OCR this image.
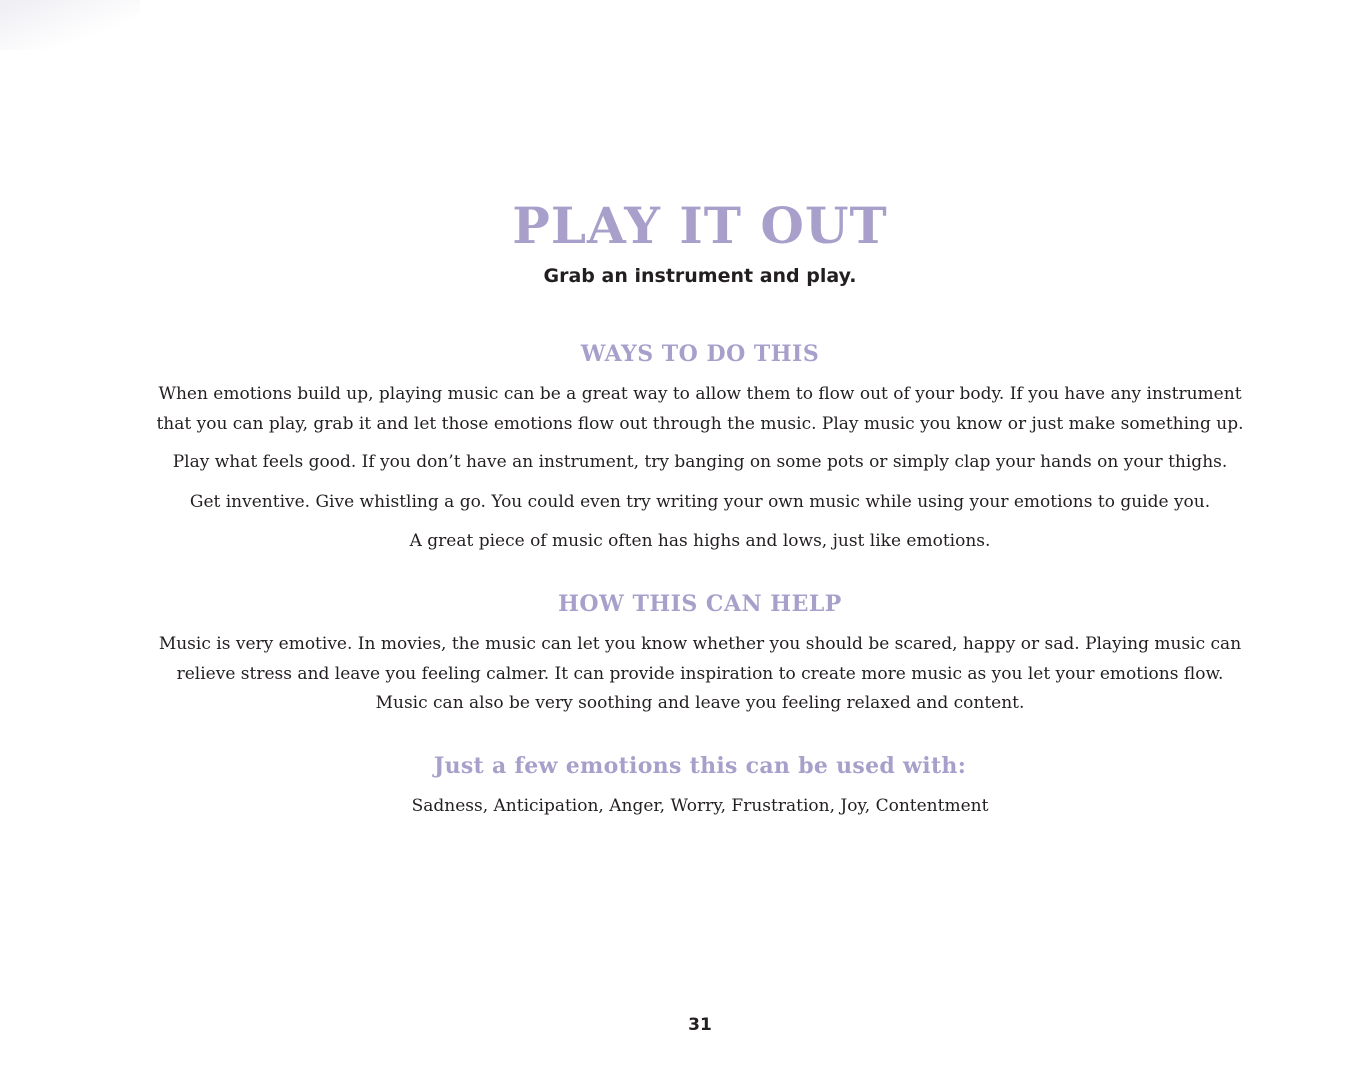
PLAY IT OUT
Grab an instrument and play.
WAYS TO DO THIS

When emotions build up, playing music can be a great way to allow them to flow out of your body. If you have any instrument that you can play, grab it and let those emotions flow out through the music. Play music you know or just make something up.

Play what feels good. If you don’t have an instrument, try banging on some pots or simply clap your hands on your thighs.

Get inventive. Give whistling a go. You could even try writing your own music while using your emotions to guide you.

A great piece of music often has highs and lows, just like emotions.

HOW THIS CAN HELP

Music is very emotive. In movies, the music can let you know whether you should be scared, happy or sad. Playing music can relieve stress and leave you feeling calmer. It can provide inspiration to create more music as you let your emotions flow. Music can also be very soothing and leave you feeling relaxed and content.

Just a few emotions this can be used with:

Sadness, Anticipation, Anger, Worry, Frustration, Joy, Contentment

31
